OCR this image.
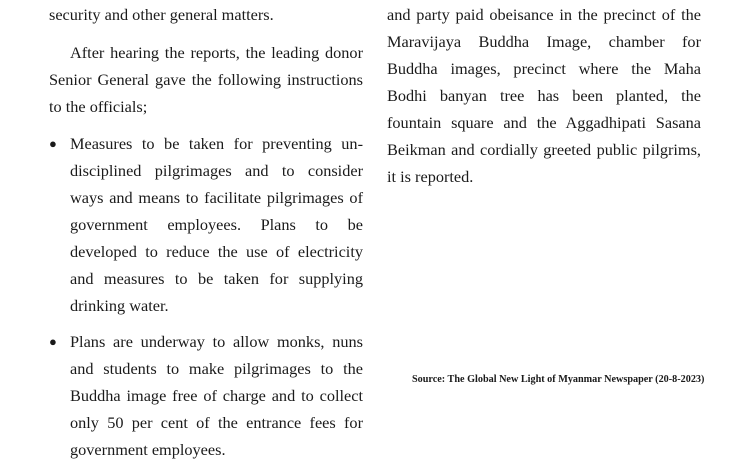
security and other general matters.

After hearing the reports, the leading donor Senior General gave the following instructions to the officials;

● Measures to be taken for preventing undisciplined pilgrimages and to consider ways and means to facilitate pilgrimages of government employees. Plans to be developed to reduce the use of electricity and measures to be taken for supplying drinking water.
● Plans are underway to allow monks, nuns and students to make pilgrimages to the Buddha image free of charge and to collect only 50 per cent of the entrance fees for government employees.

and party paid obeisance in the precinct of the Maravijaya Buddha Image, chamber for Buddha images, precinct where the Maha Bodhi banyan tree has been planted, the fountain square and the Aggadhipati Sasana Beikman and cordially greeted public pilgrims, it is reported.

Source: The Global New Light of Myanmar Newspaper (20-8-2023)
